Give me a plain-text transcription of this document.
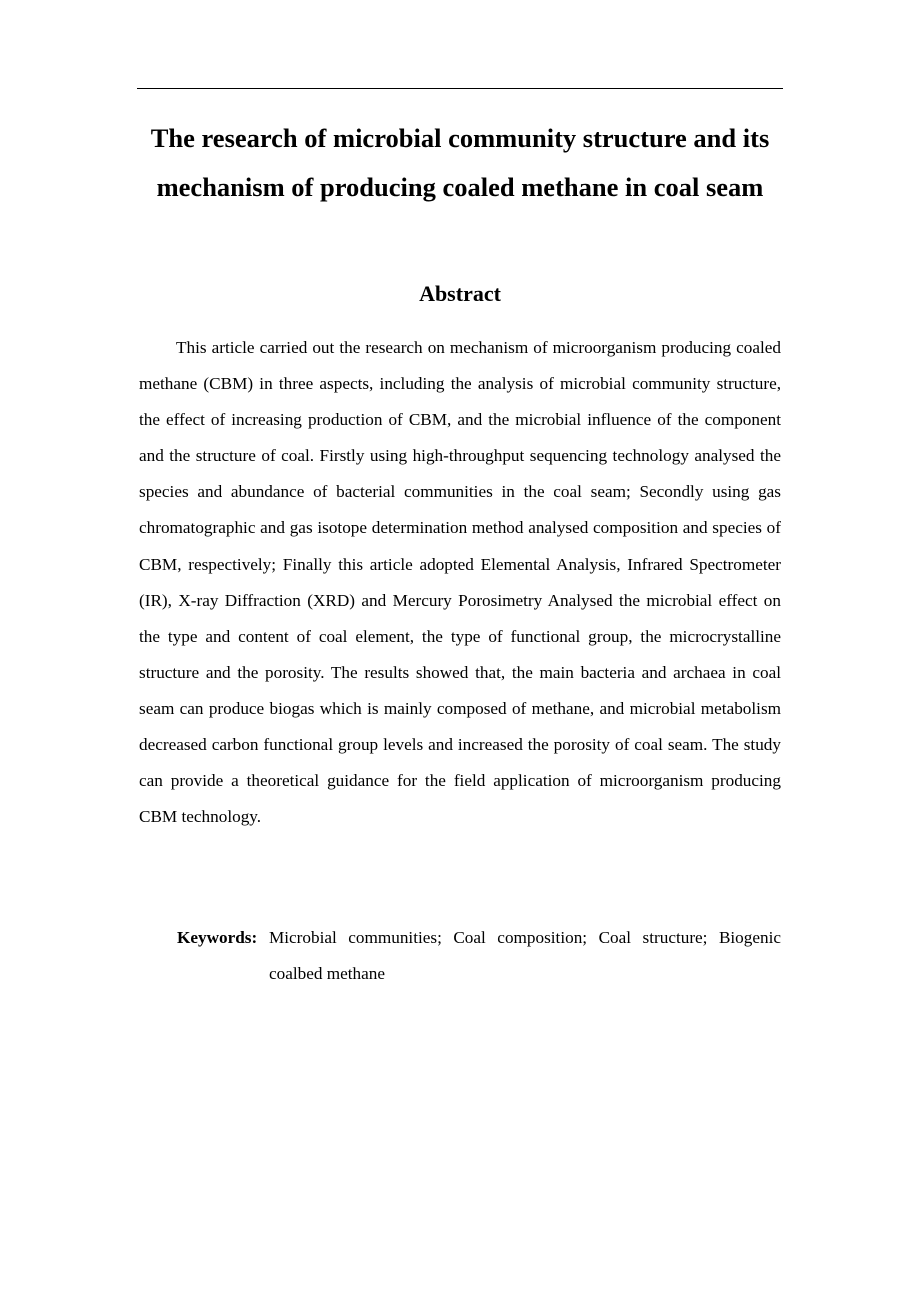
The research of microbial community structure and its mechanism of producing coaled methane in coal seam
Abstract

This article carried out the research on mechanism of microorganism producing coaled methane (CBM) in three aspects, including the analysis of microbial community structure, the effect of increasing production of CBM, and the microbial influence of the component and the structure of coal. Firstly using high-throughput sequencing technology analysed the species and abundance of bacterial communities in the coal seam; Secondly using gas chromatographic and gas isotope determination method analysed composition and species of CBM, respectively; Finally this article adopted Elemental Analysis, Infrared Spectrometer (IR), X-ray Diffraction (XRD) and Mercury Porosimetry Analysed the microbial effect on the type and content of coal element, the type of functional group, the microcrystalline structure and the porosity. The results showed that, the main bacteria and archaea in coal seam can produce biogas which is mainly composed of methane, and microbial metabolism decreased carbon functional group levels and increased the porosity of coal seam. The study can provide a theoretical guidance for the field application of microorganism producing CBM technology.

Keywords: Microbial communities; Coal composition; Coal structure; Biogenic coalbed methane
